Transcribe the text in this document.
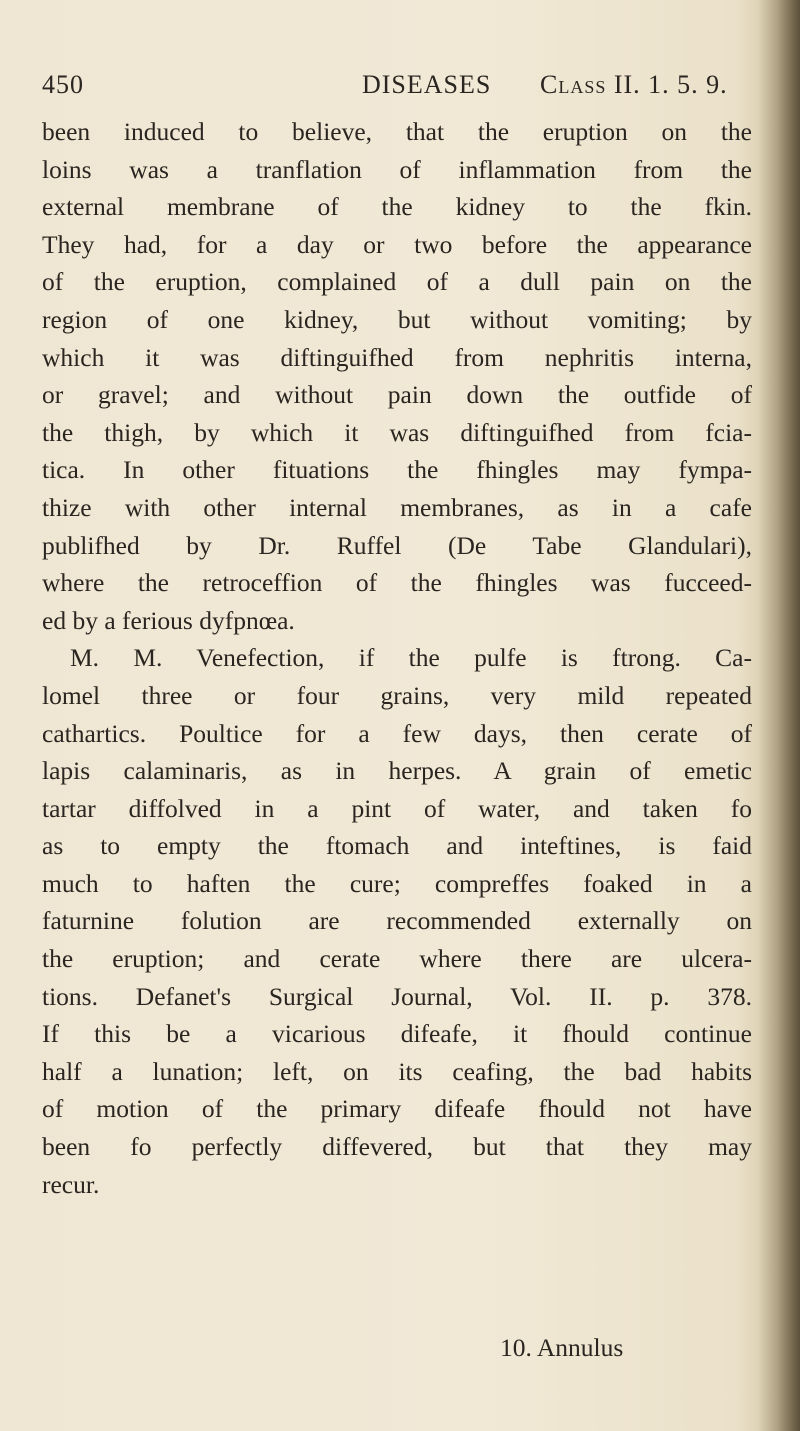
450	DISEASES Class II. 1. 5. 9.
been induced to believe, that the eruption on the
loins was a tranflation of inflammation from the
external membrane of the kidney to the fkin.
They had, for a day or two before the appearance
of the eruption, complained of a dull pain on the
region of one kidney, but without vomiting; by
which it was diftinguifhed from nephritis interna,
or gravel; and without pain down the outfide of
the thigh, by which it was diftinguifhed from fcia-
tica. In other fituations the fhingles may fympa-
thize with other internal membranes, as in a cafe
publifhed by Dr. Ruffel (De Tabe Glandulari),
where the retroceffion of the fhingles was fucceed-
ed by a ferious dyfpnœa.
M. M. Venefection, if the pulfe is ftrong. Ca-
lomel three or four grains, very mild repeated
cathartics. Poultice for a few days, then cerate of
lapis calaminaris, as in herpes. A grain of emetic
tartar diffolved in a pint of water, and taken fo
as to empty the ftomach and inteftines, is faid
much to haften the cure; compreffes foaked in a
faturnine folution are recommended externally on
the eruption; and cerate where there are ulcera-
tions. Defanet's Surgical Journal, Vol. II. p. 378.
If this be a vicarious difeafe, it fhould continue
half a lunation; left, on its ceafing, the bad habits
of motion of the primary difeafe fhould not have
been fo perfectly diffevered, but that they may
recur.
10. Annulus
